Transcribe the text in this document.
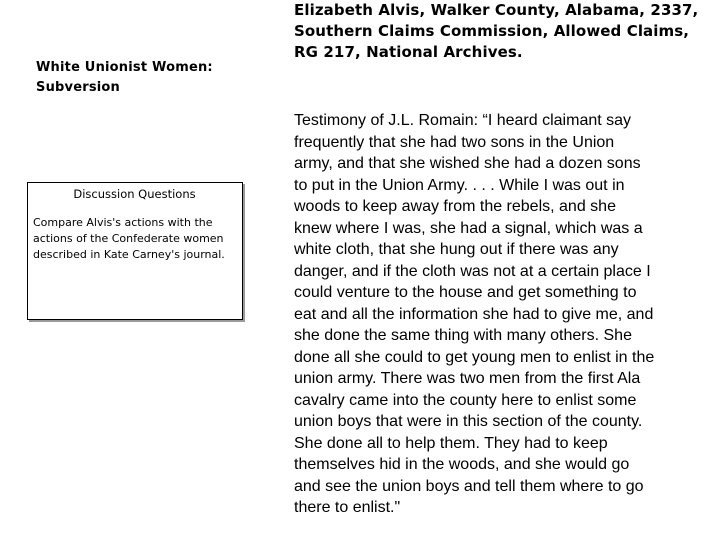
White Unionist Women:
Subversion
Discussion Questions
Compare Alvis's actions with the actions of the Confederate women described in Kate Carney's journal.
Elizabeth Alvis, Walker County, Alabama, 2337,
Southern Claims Commission, Allowed Claims,
RG 217, National Archives.
Testimony of J.L. Romain: “I heard claimant say
frequently that she had two sons in the Union
army, and that she wished she had a dozen sons
to put in the Union Army. . . . While I was out in
woods to keep away from the rebels, and she
knew where I was, she had a signal, which was a
white cloth, that she hung out if there was any
danger, and if the cloth was not at a certain place I
could venture to the house and get something to
eat and all the information she had to give me, and
she done the same thing with many others. She
done all she could to get young men to enlist in the
union army. There was two men from the first Ala
cavalry came into the county here to enlist some
union boys that were in this section of the county.
She done all to help them. They had to keep
themselves hid in the woods, and she would go
and see the union boys and tell them where to go
there to enlist."
